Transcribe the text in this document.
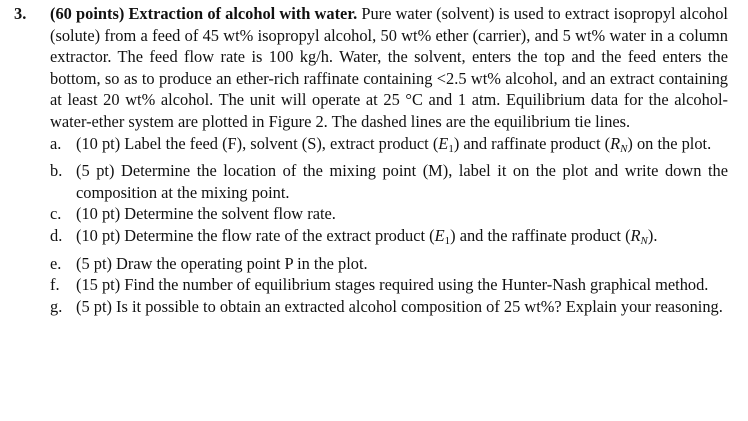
3.	(60 points) Extraction of alcohol with water. Pure water (solvent) is used to extract isopropyl alcohol (solute) from a feed of 45 wt% isopropyl alcohol, 50 wt% ether (carrier), and 5 wt% water in a column extractor. The feed flow rate is 100 kg/h. Water, the solvent, enters the top and the feed enters the bottom, so as to produce an ether-rich raffinate containing <2.5 wt% alcohol, and an extract containing at least 20 wt% alcohol. The unit will operate at 25 °C and 1 atm. Equilibrium data for the alcohol-water-ether system are plotted in Figure 2. The dashed lines are the equilibrium tie lines.
a. (10 pt) Label the feed (F), solvent (S), extract product $(E_1)$ and raffinate product $(R_N)$ on the plot.
b. (5 pt) Determine the location of the mixing point (M), label it on the plot and write down the composition at the mixing point.
c. (10 pt) Determine the solvent flow rate.
d. (10 pt) Determine the flow rate of the extract product $(E_1)$ and the raffinate product $(R_N)$.
e. (5 pt) Draw the operating point P in the plot.
f.	(15 pt) Find the number of equilibrium stages required using the Hunter-Nash graphical method.
g. (5 pt) Is it possible to obtain an extracted alcohol composition of 25 wt%? Explain your reasoning.
